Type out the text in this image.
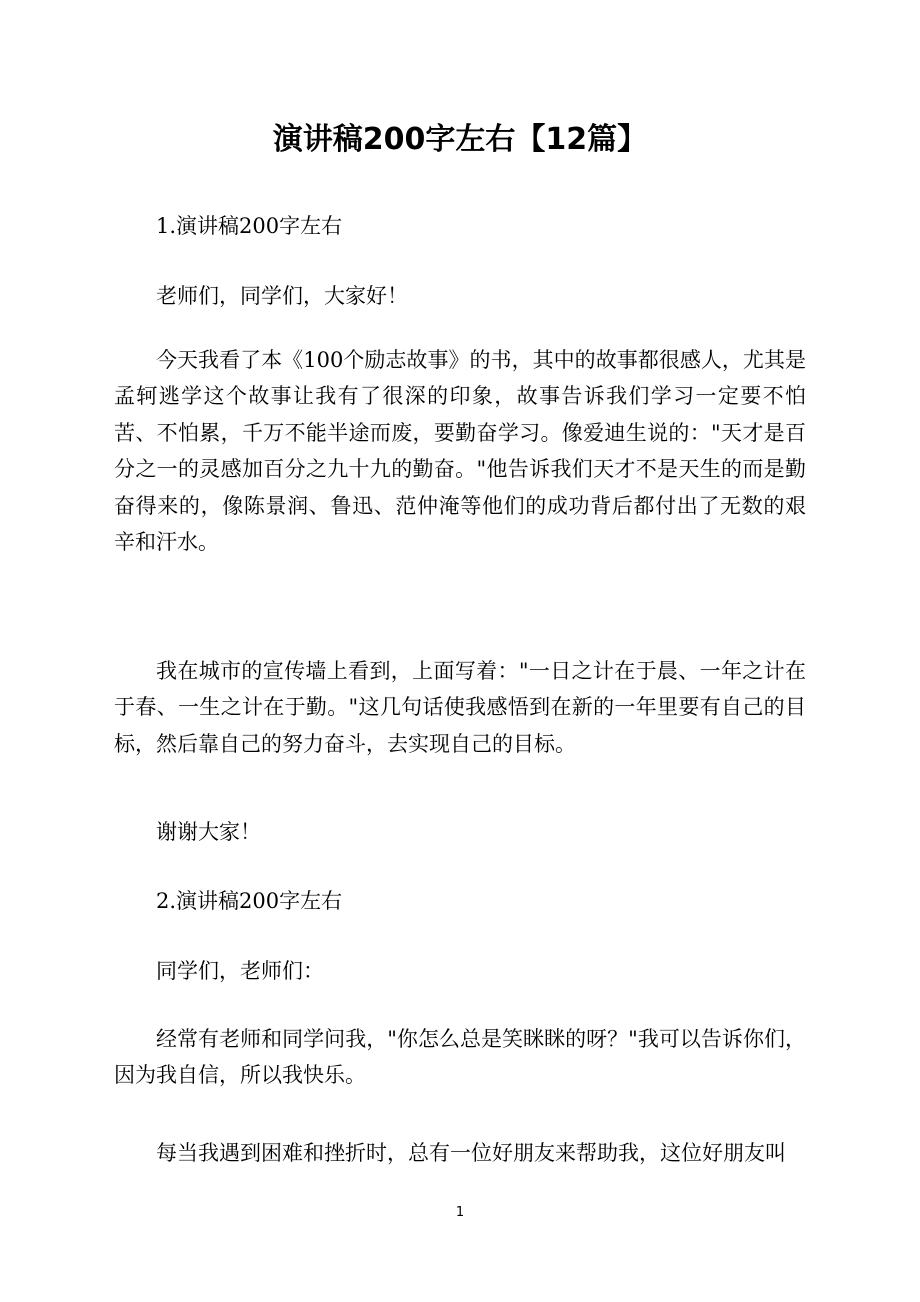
演讲稿200字左右【12篇】

1.演讲稿200字左右

老师们，同学们，大家好！

今天我看了本《100个励志故事》的书，其中的故事都很感人，尤其是孟轲逃学这个故事让我有了很深的印象，故事告诉我们学习一定要不怕苦、不怕累，千万不能半途而废，要勤奋学习。像爱迪生说的："天才是百分之一的灵感加百分之九十九的勤奋。"他告诉我们天才不是天生的而是勤奋得来的，像陈景润、鲁迅、范仲淹等他们的成功背后都付出了无数的艰辛和汗水。

我在城市的宣传墙上看到，上面写着："一日之计在于晨、一年之计在于春、一生之计在于勤。"这几句话使我感悟到在新的一年里要有自己的目标，然后靠自己的努力奋斗，去实现自己的目标。

谢谢大家！

2.演讲稿200字左右

同学们，老师们：

经常有老师和同学问我，"你怎么总是笑眯眯的呀？"我可以告诉你们，因为我自信，所以我快乐。

每当我遇到困难和挫折时，总有一位好朋友来帮助我，这位好朋友叫

1
